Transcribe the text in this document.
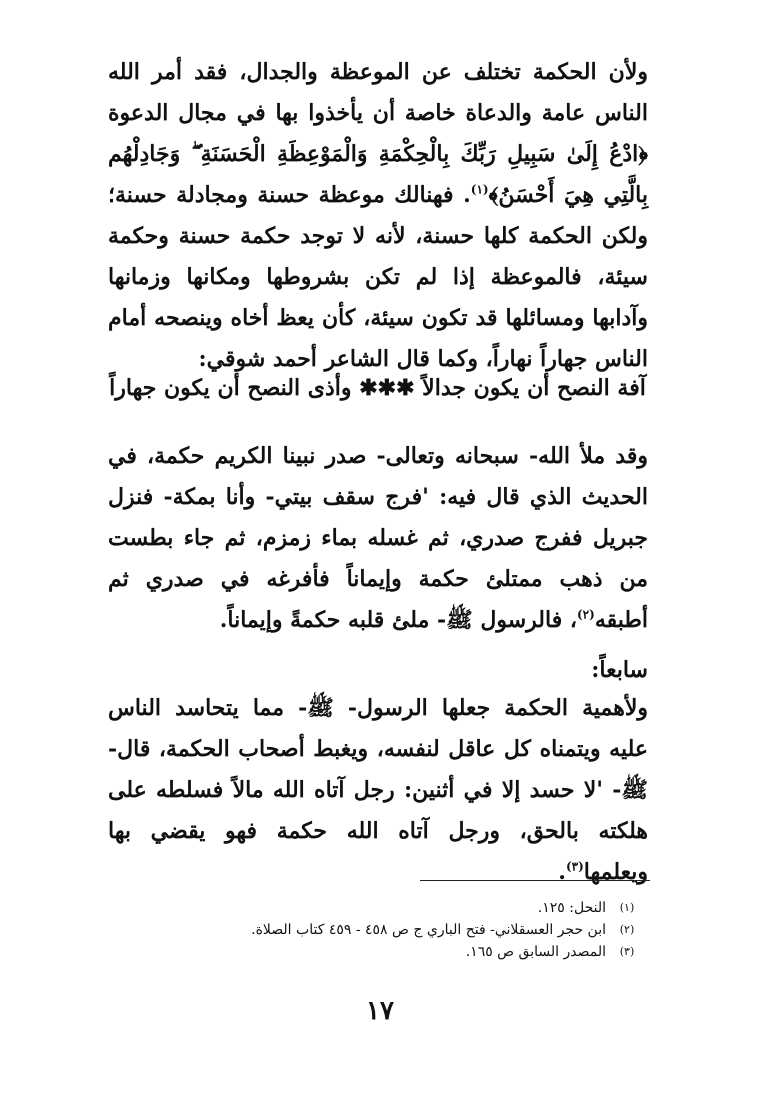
ولأن الحكمة تختلف عن الموعظة والجدال، فقد أمر الله الناس عامة والدعاة خاصة أن يأخذوا بها في مجال الدعوة ﴿ادْعُ إِلَىٰ سَبِيلِ رَبِّكَ بِالْحِكْمَةِ وَالْمَوْعِظَةِ الْحَسَنَةِ ۖ وَجَادِلْهُم بِالَّتِي هِيَ أَحْسَنُ﴾$^{(١)}$. فهنالك موعظة حسنة ومجادلة حسنة؛ ولكن الحكمة كلها حسنة، لأنه لا توجد حكمة حسنة وحكمة سيئة، فالموعظة إذا لم تكن بشروطها ومكانها وزمانها وآدابها ومسائلها قد تكون سيئة، كأن يعظ أخاه وينصحه أمام الناس جهاراً نهاراً، وكما قال الشاعر أحمد شوقي:
آفة النصح أن يكون جدالاً ✱✱✱ وأذى النصح أن يكون جهاراً
وقد ملأ الله- سبحانه وتعالى- صدر نبينا الكريم حكمة، في الحديث الذي قال فيه: 'فرج سقف بيتي- وأنا بمكة- فنزل جبريل ففرج صدري، ثم غسله بماء زمزم، ثم جاء بطست من ذهب ممتلئ حكمة وإيماناً فأفرغه في صدري ثم أطبقه$^{(٢)}$، فالرسول ﷺ- ملئ قلبه حكمةً وإيماناً.
سابعاً:
ولأهمية الحكمة جعلها الرسول- ﷺ- مما يتحاسد الناس عليه ويتمناه كل عاقل لنفسه، ويغبط أصحاب الحكمة، قال- ﷺ- 'لا حسد إلا في أثنين: رجل آتاه الله مالاً فسلطه على هلكته بالحق، ورجل آتاه الله حكمة فهو يقضي بها ويعلمها$^{(٣)}$.
(١)
النحل: ١٢٥.
(٢)
ابن حجر العسقلاني- فتح الباري ج ص ٤٥٨ - ٤٥٩ كتاب الصلاة.
(٣)
المصدر السابق ص ١٦٥.
١٧
